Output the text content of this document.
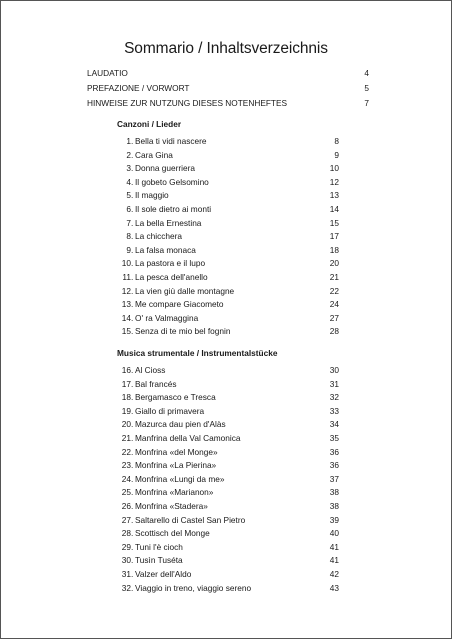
Sommario / Inhaltsverzeichnis
LAUDATIO	4
PREFAZIONE / VORWORT	5
HINWEISE ZUR NUTZUNG DIESES NOTENHEFTES	7
Canzoni / Lieder
1 . Bella ti vidi nascere	8
2 . Cara Gina	9
3 . Donna guerriera	10
4 . Il gobeto Gelsomino	12
5 . Il maggio	13
6 . Il sole dietro ai monti	14
7 . La bella Ernestina	15
8 . La chicchera	17
9 . La falsa monaca	18
10 . La pastora e il lupo	20
11 . La pesca dell'anello	21
12 . La vien giù dalle montagne	22
13 . Me compare Giacometo	24
14 . O' ra Valmaggina	27
15 . Senza di te mio bel fognin	28
Musica strumentale / Instrumentalstücke
16 . Al Cioss	30
17 . Bal francés	31
18 . Bergamasco e Tresca	32
19 . Giallo di primavera	33
20 . Mazurca dau pien d'Alàs	34
21 . Manfrina della Val Camonica	35
22 . Monfrina «del Monge»	36
23 . Monfrina «La Pierina»	36
24 . Monfrina «Lungi da me»	37
25 . Monfrina «Marianon»	38
26 . Monfrina «Stadera»	38
27 . Saltarello di Castel San Pietro	39
28 . Scottisch del Monge	40
29 . Tuni l'è cioch	41
30 . Tusìn Tuséta	41
31 . Valzer dell'Aldo	42
32 . Viaggio in treno, viaggio sereno	43
